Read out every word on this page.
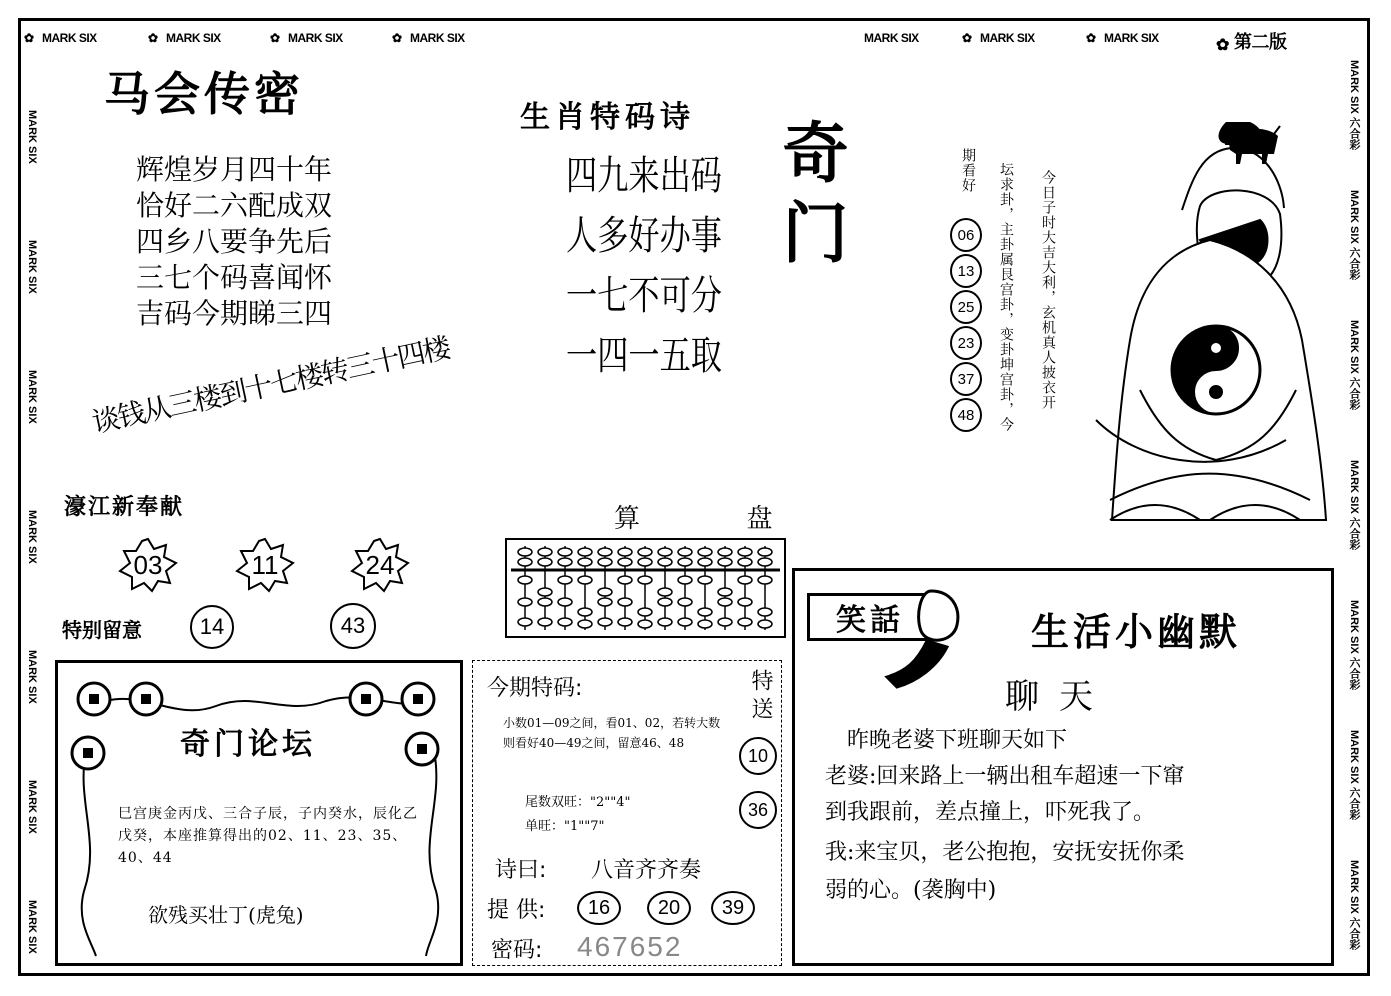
✿ MARK SIX	✿ MARK SIX	✿ MARK SIX	✿ MARK SIX	MARK SIX	✿ MARK SIX	✿ MARK SIX	✿ 第二版
MARK SIX
MARK SIX
MARK SIX
MARK SIX
MARK SIX
MARK SIX
MARK SIX
MARK SIX 六合彩
MARK SIX 六合彩
MARK SIX 六合彩
MARK SIX 六合彩
MARK SIX 六合彩
MARK SIX 六合彩
MARK SIX 六合彩
马会传密
辉煌岁月四十年
恰好二六配成双
四乡八要争先后
三七个码喜闻怀
吉码今期睇三四
谈钱从三楼到十七楼转三十四楼
濠江新奉献
03	11	24
特别留意	14	43
奇门论坛
巳宫庚金丙戊、三合子辰，子内癸水，辰化乙戊癸，本座推算得出的02、11、23、35、40、44
欲残买壮丁(虎兔)
生肖特码诗
四九来出码
人多好办事
一七不可分
一四一五取
奇门
算  盘
今期特码:	特送
10
36
小数01—09之间，看01、02，若转大数则看好40—49之间，留意46、48
尾数双旺："2""4"
单旺："1""7"
诗曰: 八音齐齐奏
提 供:	16	20	39
密码: 467652
今日子时大吉大利，玄机真人披衣开
坛求卦，主卦属艮宫卦，变卦坤宫卦，今
期看好
06
13
25
23
37
48
笑話	生活小幽默
聊天
昨晚老婆下班聊天如下
老婆:回来路上一辆出租车超速一下窜
到我跟前，差点撞上，吓死我了。
我:来宝贝，老公抱抱，安抚安抚你柔
弱的心。(袭胸中)
